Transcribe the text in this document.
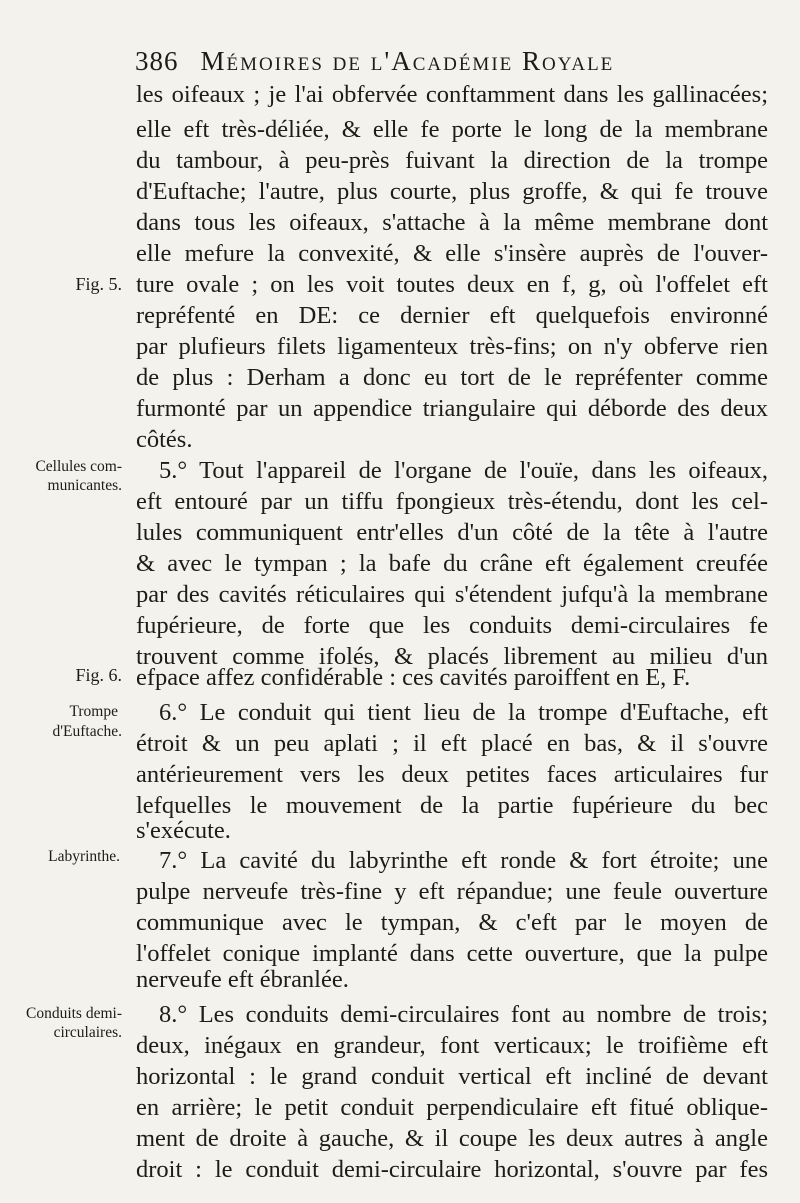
386 Mémoires de l'Académie Royale
Fig. 5.
Cellules com-
municantes.
Fig. 6.
Trompe
d'Euftache.
Labyrinthe.
Conduits demi-
circulaires.
les oifeaux ; je l'ai obfervée conftamment dans les gallinacées;
elle eft très-déliée, & elle fe porte le long de la membrane
du tambour, à peu-près fuivant la direction de la trompe
d'Euftache; l'autre, plus courte, plus groffe, & qui fe trouve
dans tous les oifeaux, s'attache à la même membrane dont
elle mefure la convexité, & elle s'insère auprès de l'ouver-
ture ovale ; on les voit toutes deux en f, g, où l'offelet eft
repréfenté en DE: ce dernier eft quelquefois environné
par plufieurs filets ligamenteux très-fins; on n'y obferve rien
de plus : Derham a donc eu tort de le repréfenter comme
furmonté par un appendice triangulaire qui déborde des deux
côtés.
5.° Tout l'appareil de l'organe de l'ouïe, dans les oifeaux,
eft entouré par un tiffu fpongieux très-étendu, dont les cel-
lules communiquent entr'elles d'un côté de la tête à l'autre
& avec le tympan ; la bafe du crâne eft également creufée
par des cavités réticulaires qui s'étendent jufqu'à la membrane
fupérieure, de forte que les conduits demi-circulaires fe
trouvent comme ifolés, & placés librement au milieu d'un
efpace affez confidérable : ces cavités paroiffent en E, F.
6.° Le conduit qui tient lieu de la trompe d'Euftache, eft
étroit & un peu aplati ; il eft placé en bas, & il s'ouvre
antérieurement vers les deux petites faces articulaires fur
lefquelles le mouvement de la partie fupérieure du bec
s'exécute.
7.° La cavité du labyrinthe eft ronde & fort étroite; une
pulpe nerveufe très-fine y eft répandue; une feule ouverture
communique avec le tympan, & c'eft par le moyen de
l'offelet conique implanté dans cette ouverture, que la pulpe
nerveufe eft ébranlée.
8.° Les conduits demi-circulaires font au nombre de trois;
deux, inégaux en grandeur, font verticaux; le troifième eft
horizontal : le grand conduit vertical eft incliné de devant
en arrière; le petit conduit perpendiculaire eft fitué oblique-
ment de droite à gauche, & il coupe les deux autres à angle
droit : le conduit demi-circulaire horizontal, s'ouvre par fes
